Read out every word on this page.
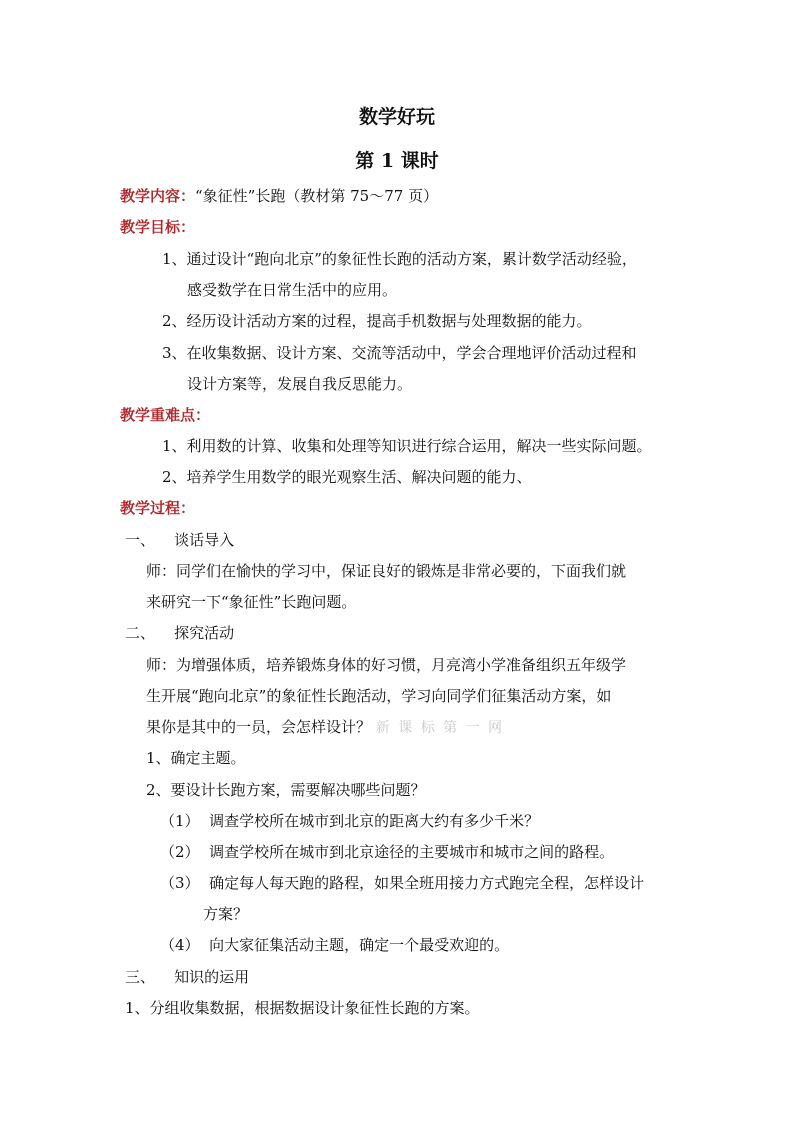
数学好玩
第 1 课时
教学内容：“象征性”长跑（教材第 75～77 页）
教学目标：
1、通过设计“跑向北京”的象征性长跑的活动方案，累计数学活动经验，
感受数学在日常生活中的应用。
2、经历设计活动方案的过程，提高手机数据与处理数据的能力。
3、在收集数据、设计方案、交流等活动中，学会合理地评价活动过程和
设计方案等，发展自我反思能力。
教学重难点：
1、利用数的计算、收集和处理等知识进行综合运用，解决一些实际问题。
2、培养学生用数学的眼光观察生活、解决问题的能力、
教学过程：
一、    谈话导入
师：同学们在愉快的学习中，保证良好的锻炼是非常必要的，下面我们就
来研究一下“象征性”长跑问题。
二、    探究活动
师：为增强体质，培养锻炼身体的好习惯，月亮湾小学准备组织五年级学
生开展“跑向北京”的象征性长跑活动，学习向同学们征集活动方案，如
果你是其中的一员，会怎样设计？ 新 课 标 第 一 网
1、确定主题。
2、要设计长跑方案，需要解决哪些问题？
（1）  调查学校所在城市到北京的距离大约有多少千米？
（2）  调查学校所在城市到北京途径的主要城市和城市之间的路程。
（3）  确定每人每天跑的路程，如果全班用接力方式跑完全程，怎样设计
方案？
（4）  向大家征集活动主题，确定一个最受欢迎的。
三、    知识的运用
1、分组收集数据，根据数据设计象征性长跑的方案。
